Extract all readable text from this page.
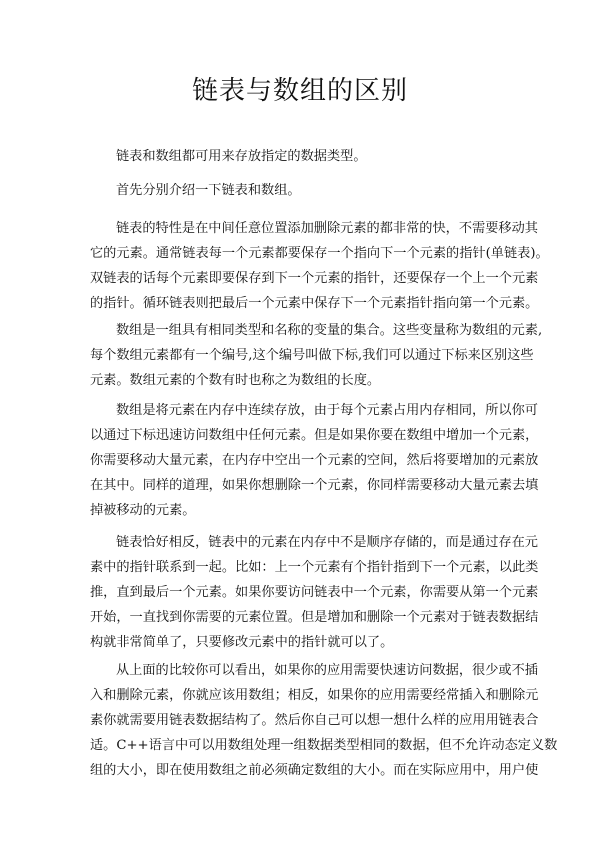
链表与数组的区别
链表和数组都可用来存放指定的数据类型。
首先分别介绍一下链表和数组。
链表的特性是在中间任意位置添加删除元素的都非常的快，不需要移动其
它的元素。通常链表每一个元素都要保存一个指向下一个元素的指针(单链表)。
双链表的话每个元素即要保存到下一个元素的指针，还要保存一个上一个元素
的指针。循环链表则把最后一个元素中保存下一个元素指针指向第一个元素。
数组是一组具有相同类型和名称的变量的集合。这些变量称为数组的元素,
每个数组元素都有一个编号,这个编号叫做下标,我们可以通过下标来区别这些
元素。数组元素的个数有时也称之为数组的长度。
数组是将元素在内存中连续存放，由于每个元素占用内存相同，所以你可
以通过下标迅速访问数组中任何元素。但是如果你要在数组中增加一个元素，
你需要移动大量元素，在内存中空出一个元素的空间，然后将要增加的元素放
在其中。同样的道理，如果你想删除一个元素，你同样需要移动大量元素去填
掉被移动的元素。
链表恰好相反，链表中的元素在内存中不是顺序存储的，而是通过存在元
素中的指针联系到一起。比如：上一个元素有个指针指到下一个元素，以此类
推，直到最后一个元素。如果你要访问链表中一个元素，你需要从第一个元素
开始，一直找到你需要的元素位置。但是增加和删除一个元素对于链表数据结
构就非常简单了，只要修改元素中的指针就可以了。
从上面的比较你可以看出，如果你的应用需要快速访问数据，很少或不插
入和删除元素，你就应该用数组；相反，如果你的应用需要经常插入和删除元
素你就需要用链表数据结构了。然后你自己可以想一想什么样的应用用链表合
适。C++语言中可以用数组处理一组数据类型相同的数据，但不允许动态定义数
组的大小，即在使用数组之前必须确定数组的大小。而在实际应用中，用户使
